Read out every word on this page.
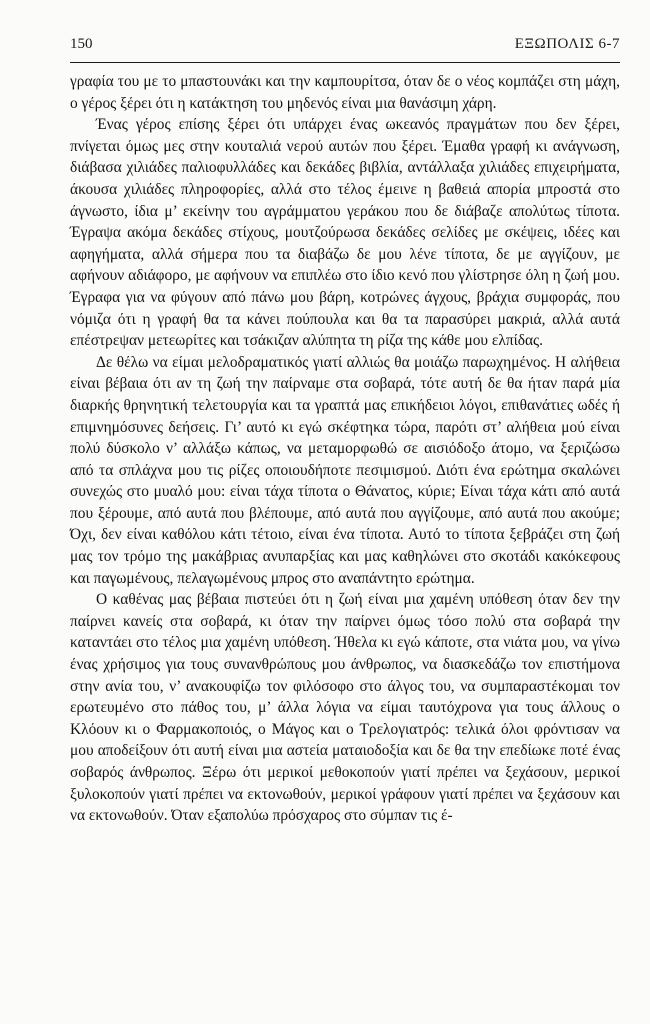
150	ΕΞΩΠΟΛΙΣ 6-7

γραφία του με το μπαστουνάκι και την καμπουρίτσα, όταν δε ο νέος κομπάζει στη μάχη, ο γέρος ξέρει ότι η κατάκτηση του μηδενός είναι μια θανάσιμη χάρη.

Ένας γέρος επίσης ξέρει ότι υπάρχει ένας ωκεανός πραγμάτων που δεν ξέρει, πνίγεται όμως μες στην κουταλιά νερού αυτών που ξέρει. Έμαθα γραφή κι ανάγνωση, διάβασα χιλιάδες παλιοφυλλάδες και δεκάδες βιβλία, αντάλλαξα χιλιάδες επιχειρήματα, άκουσα χιλιάδες πληροφορίες, αλλά στο τέλος έμεινε η βαθειά απορία μπροστά στο άγνωστο, ίδια μ’ εκείνην του αγράμματου γεράκου που δε διάβαζε απολύτως τίποτα. Έγραψα ακόμα δεκάδες στίχους, μουτζούρωσα δεκάδες σελίδες με σκέψεις, ιδέες και αφηγήματα, αλλά σήμερα που τα διαβάζω δε μου λένε τίποτα, δε με αγγίζουν, με αφήνουν αδιάφορο, με αφήνουν να επιπλέω στο ίδιο κενό που γλίστρησε όλη η ζωή μου. Έγραφα για να φύγουν από πάνω μου βάρη, κοτρώνες άγχους, βράχια συμφοράς, που νόμιζα ότι η γραφή θα τα κάνει πούπουλα και θα τα παρασύρει μακριά, αλλά αυτά επέστρεψαν μετεωρίτες και τσάκιζαν αλύπητα τη ρίζα της κάθε μου ελπίδας.

Δε θέλω να είμαι μελοδραματικός γιατί αλλιώς θα μοιάζω παρωχημένος. Η αλήθεια είναι βέβαια ότι αν τη ζωή την παίρναμε στα σοβαρά, τότε αυτή δε θα ήταν παρά μία διαρκής θρηνητική τελετουργία και τα γραπτά μας επικήδειοι λόγοι, επιθανάτιες ωδές ή επιμνημόσυνες δεήσεις. Γι’ αυτό κι εγώ σκέφτηκα τώρα, παρότι στ’ αλήθεια μού είναι πολύ δύσκολο ν’ αλλάξω κάπως, να μεταμορφωθώ σε αισιόδοξο άτομο, να ξεριζώσω από τα σπλάχνα μου τις ρίζες οποιουδήποτε πεσιμισμού. Διότι ένα ερώτημα σκαλώνει συνεχώς στο μυαλό μου: είναι τάχα τίποτα ο Θάνατος, κύριε; Είναι τάχα κάτι από αυτά που ξέρουμε, από αυτά που βλέπουμε, από αυτά που αγγίζουμε, από αυτά που ακούμε; Όχι, δεν είναι καθόλου κάτι τέτοιο, είναι ένα τίποτα. Αυτό το τίποτα ξεβράζει στη ζωή μας τον τρόμο της μακάβριας ανυπαρξίας και μας καθηλώνει στο σκοτάδι κακόκεφους και παγωμένους, πελαγωμένους μπρος στο αναπάντητο ερώτημα.

Ο καθένας μας βέβαια πιστεύει ότι η ζωή είναι μια χαμένη υπόθεση όταν δεν την παίρνει κανείς στα σοβαρά, κι όταν την παίρνει όμως τόσο πολύ στα σοβαρά την καταντάει στο τέλος μια χαμένη υπόθεση. Ήθελα κι εγώ κάποτε, στα νιάτα μου, να γίνω ένας χρήσιμος για τους συνανθρώπους μου άνθρωπος, να διασκεδάζω τον επιστήμονα στην ανία του, ν’ ανακουφίζω τον φιλόσοφο στο άλγος του, να συμπαραστέκομαι τον ερωτευμένο στο πάθος του, μ’ άλλα λόγια να είμαι ταυτόχρονα για τους άλλους ο Κλόουν κι ο Φαρμακοποιός, ο Μάγος και ο Τρελογιατρός: τελικά όλοι φρόντισαν να μου αποδείξουν ότι αυτή είναι μια αστεία ματαιοδοξία και δε θα την επεδίωκε ποτέ ένας σοβαρός άνθρωπος. Ξέρω ότι μερικοί μεθοκοπούν γιατί πρέπει να ξεχάσουν, μερικοί ξυλοκοπούν γιατί πρέπει να εκτονωθούν, μερικοί γράφουν γιατί πρέπει να ξεχάσουν και να εκτονωθούν. Όταν εξαπολύω πρόσχαρος στο σύμπαν τις έ-
